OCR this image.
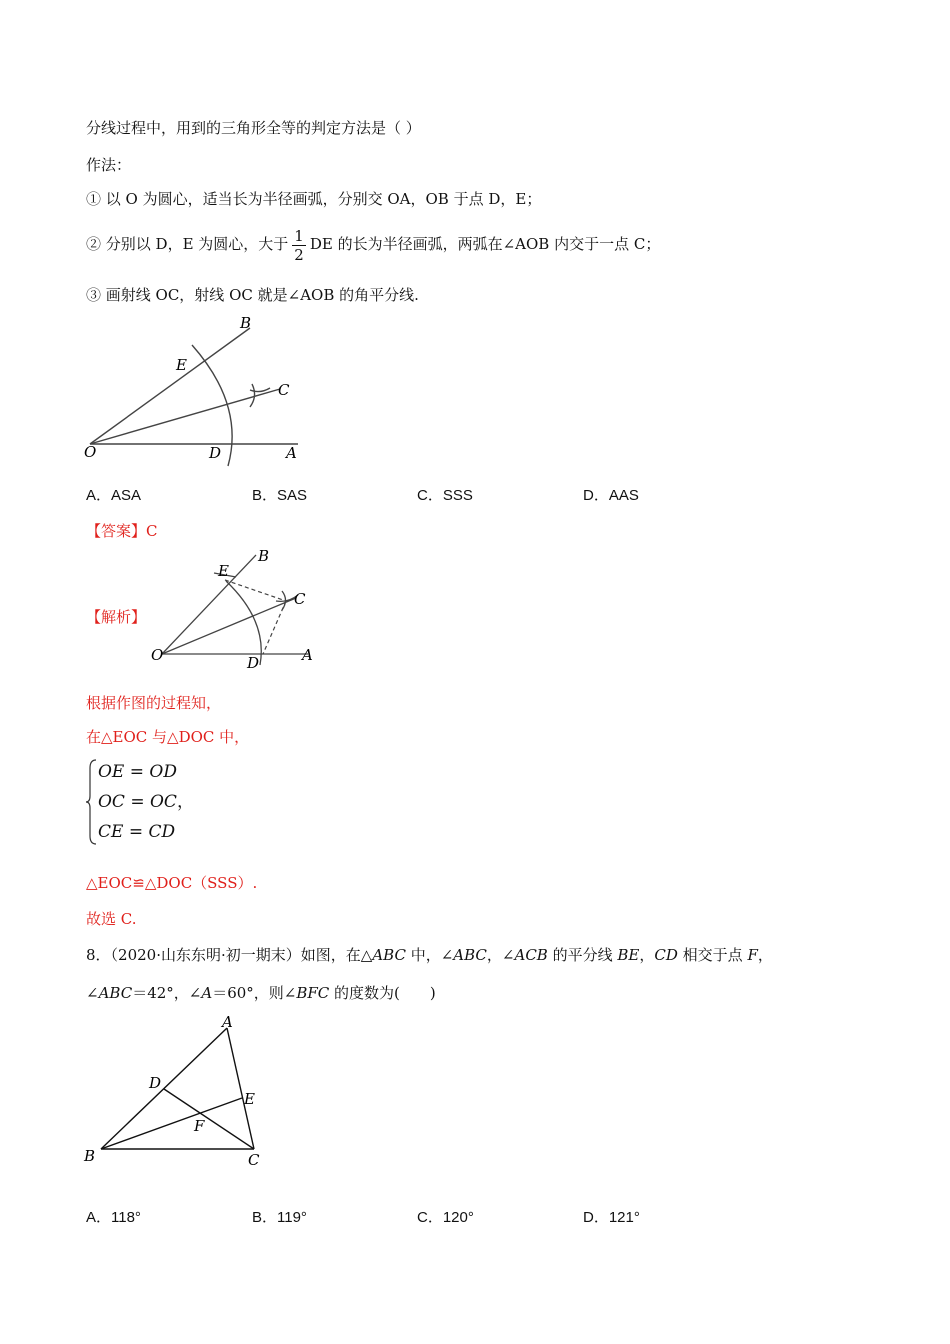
分线过程中，用到的三角形全等的判定方法是（ ）
作法：
① 以 O 为圆心，适当长为半径画弧，分别交 OA，OB 于点 D，E；
② 分别以 D，E 为圆心，大于 $\frac{1}{2}$ DE 的长为半径画弧，两弧在∠AOB 内交于一点 C；
③ 画射线 OC，射线 OC 就是∠AOB 的角平分线.
B
E
C
O	D	A
A．ASA	B．SAS	C．SSS	D．AAS
【答案】C
【解析】
B
E
C
O	D	A
根据作图的过程知，
在△EOC 与△DOC 中，
OE = OD
OC = OC，
CE = CD
△EOC≌△DOC（SSS）.
故选 C.
8．（2020·山东东明·初一期末）如图，在△ABC 中，∠ABC，∠ACB 的平分线 BE，CD 相交于点 F，
∠ABC＝42°，∠A＝60°，则∠BFC 的度数为(　　)
A
D
E
F
B	C
A．118°	B．119°	C．120°	D．121°
